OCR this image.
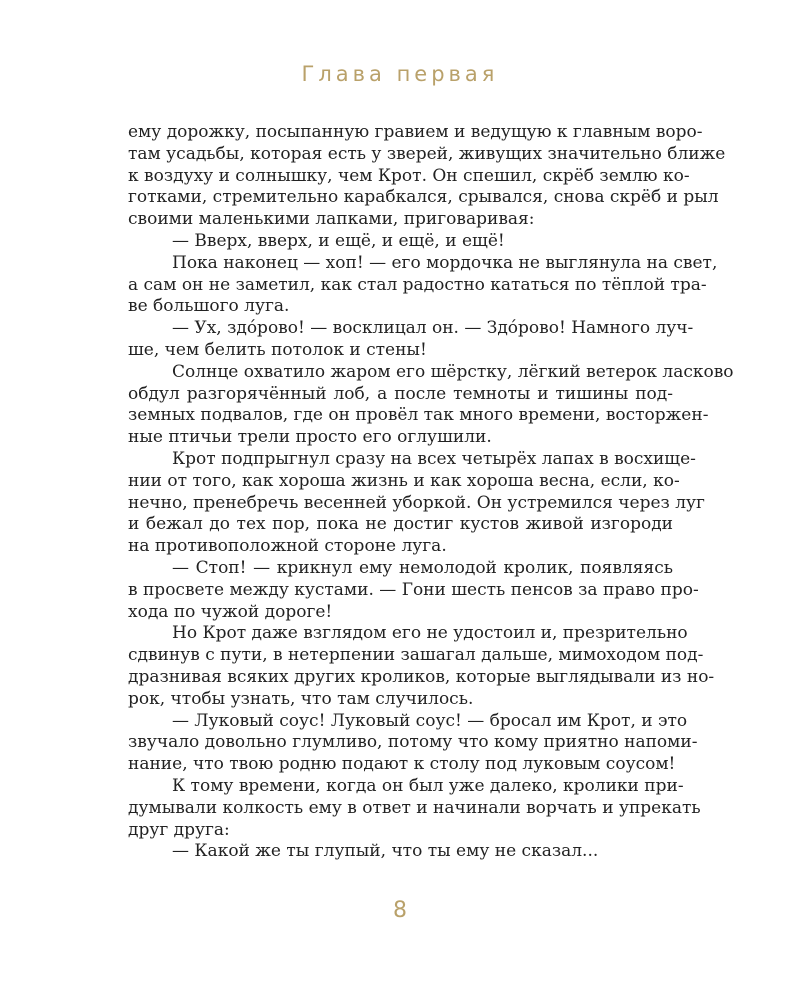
Глава первая
ему дорожку, посыпанную гравием и ведущую к главным воро-
там усадьбы, которая есть у зверей, живущих значительно ближе
к воздуху и солнышку, чем Крот. Он спешил, скрёб землю ко-
готками, стремительно карабкался, срывался, снова скрёб и рыл
своими маленькими лапками, приговаривая:
— Вверх, вверх, и ещё, и ещё, и ещё!
Пока наконец — хоп! — его мордочка не выглянула на свет,
а сам он не заметил, как стал радостно кататься по тёплой тра-
ве большого луга.
— Ух, здóрово! — восклицал он. — Здóрово! Намного луч-
ше, чем белить потолок и стены!
Солнце охватило жаром его шёрстку, лёгкий ветерок ласково
обдул разгорячённый лоб, а после темноты и тишины под-
земных подвалов, где он провёл так много времени, восторжен-
ные птичьи трели просто его оглушили.
Крот подпрыгнул сразу на всех четырёх лапах в восхище-
нии от того, как хороша жизнь и как хороша весна, если, ко-
нечно, пренебречь весенней уборкой. Он устремился через луг
и бежал до тех пор, пока не достиг кустов живой изгороди
на противоположной стороне луга.
— Стоп! — крикнул ему немолодой кролик, появляясь
в просвете между кустами. — Гони шесть пенсов за право про-
хода по чужой дороге!
Но Крот даже взглядом его не удостоил и, презрительно
сдвинув с пути, в нетерпении зашагал дальше, мимоходом под-
дразнивая всяких других кроликов, которые выглядывали из но-
рок, чтобы узнать, что там случилось.
— Луковый соус! Луковый соус! — бросал им Крот, и это
звучало довольно глумливо, потому что кому приятно напоми-
нание, что твою родню подают к столу под луковым соусом!
К тому времени, когда он был уже далеко, кролики при-
думывали колкость ему в ответ и начинали ворчать и упрекать
друг друга:
— Какой же ты глупый, что ты ему не сказал...
8
